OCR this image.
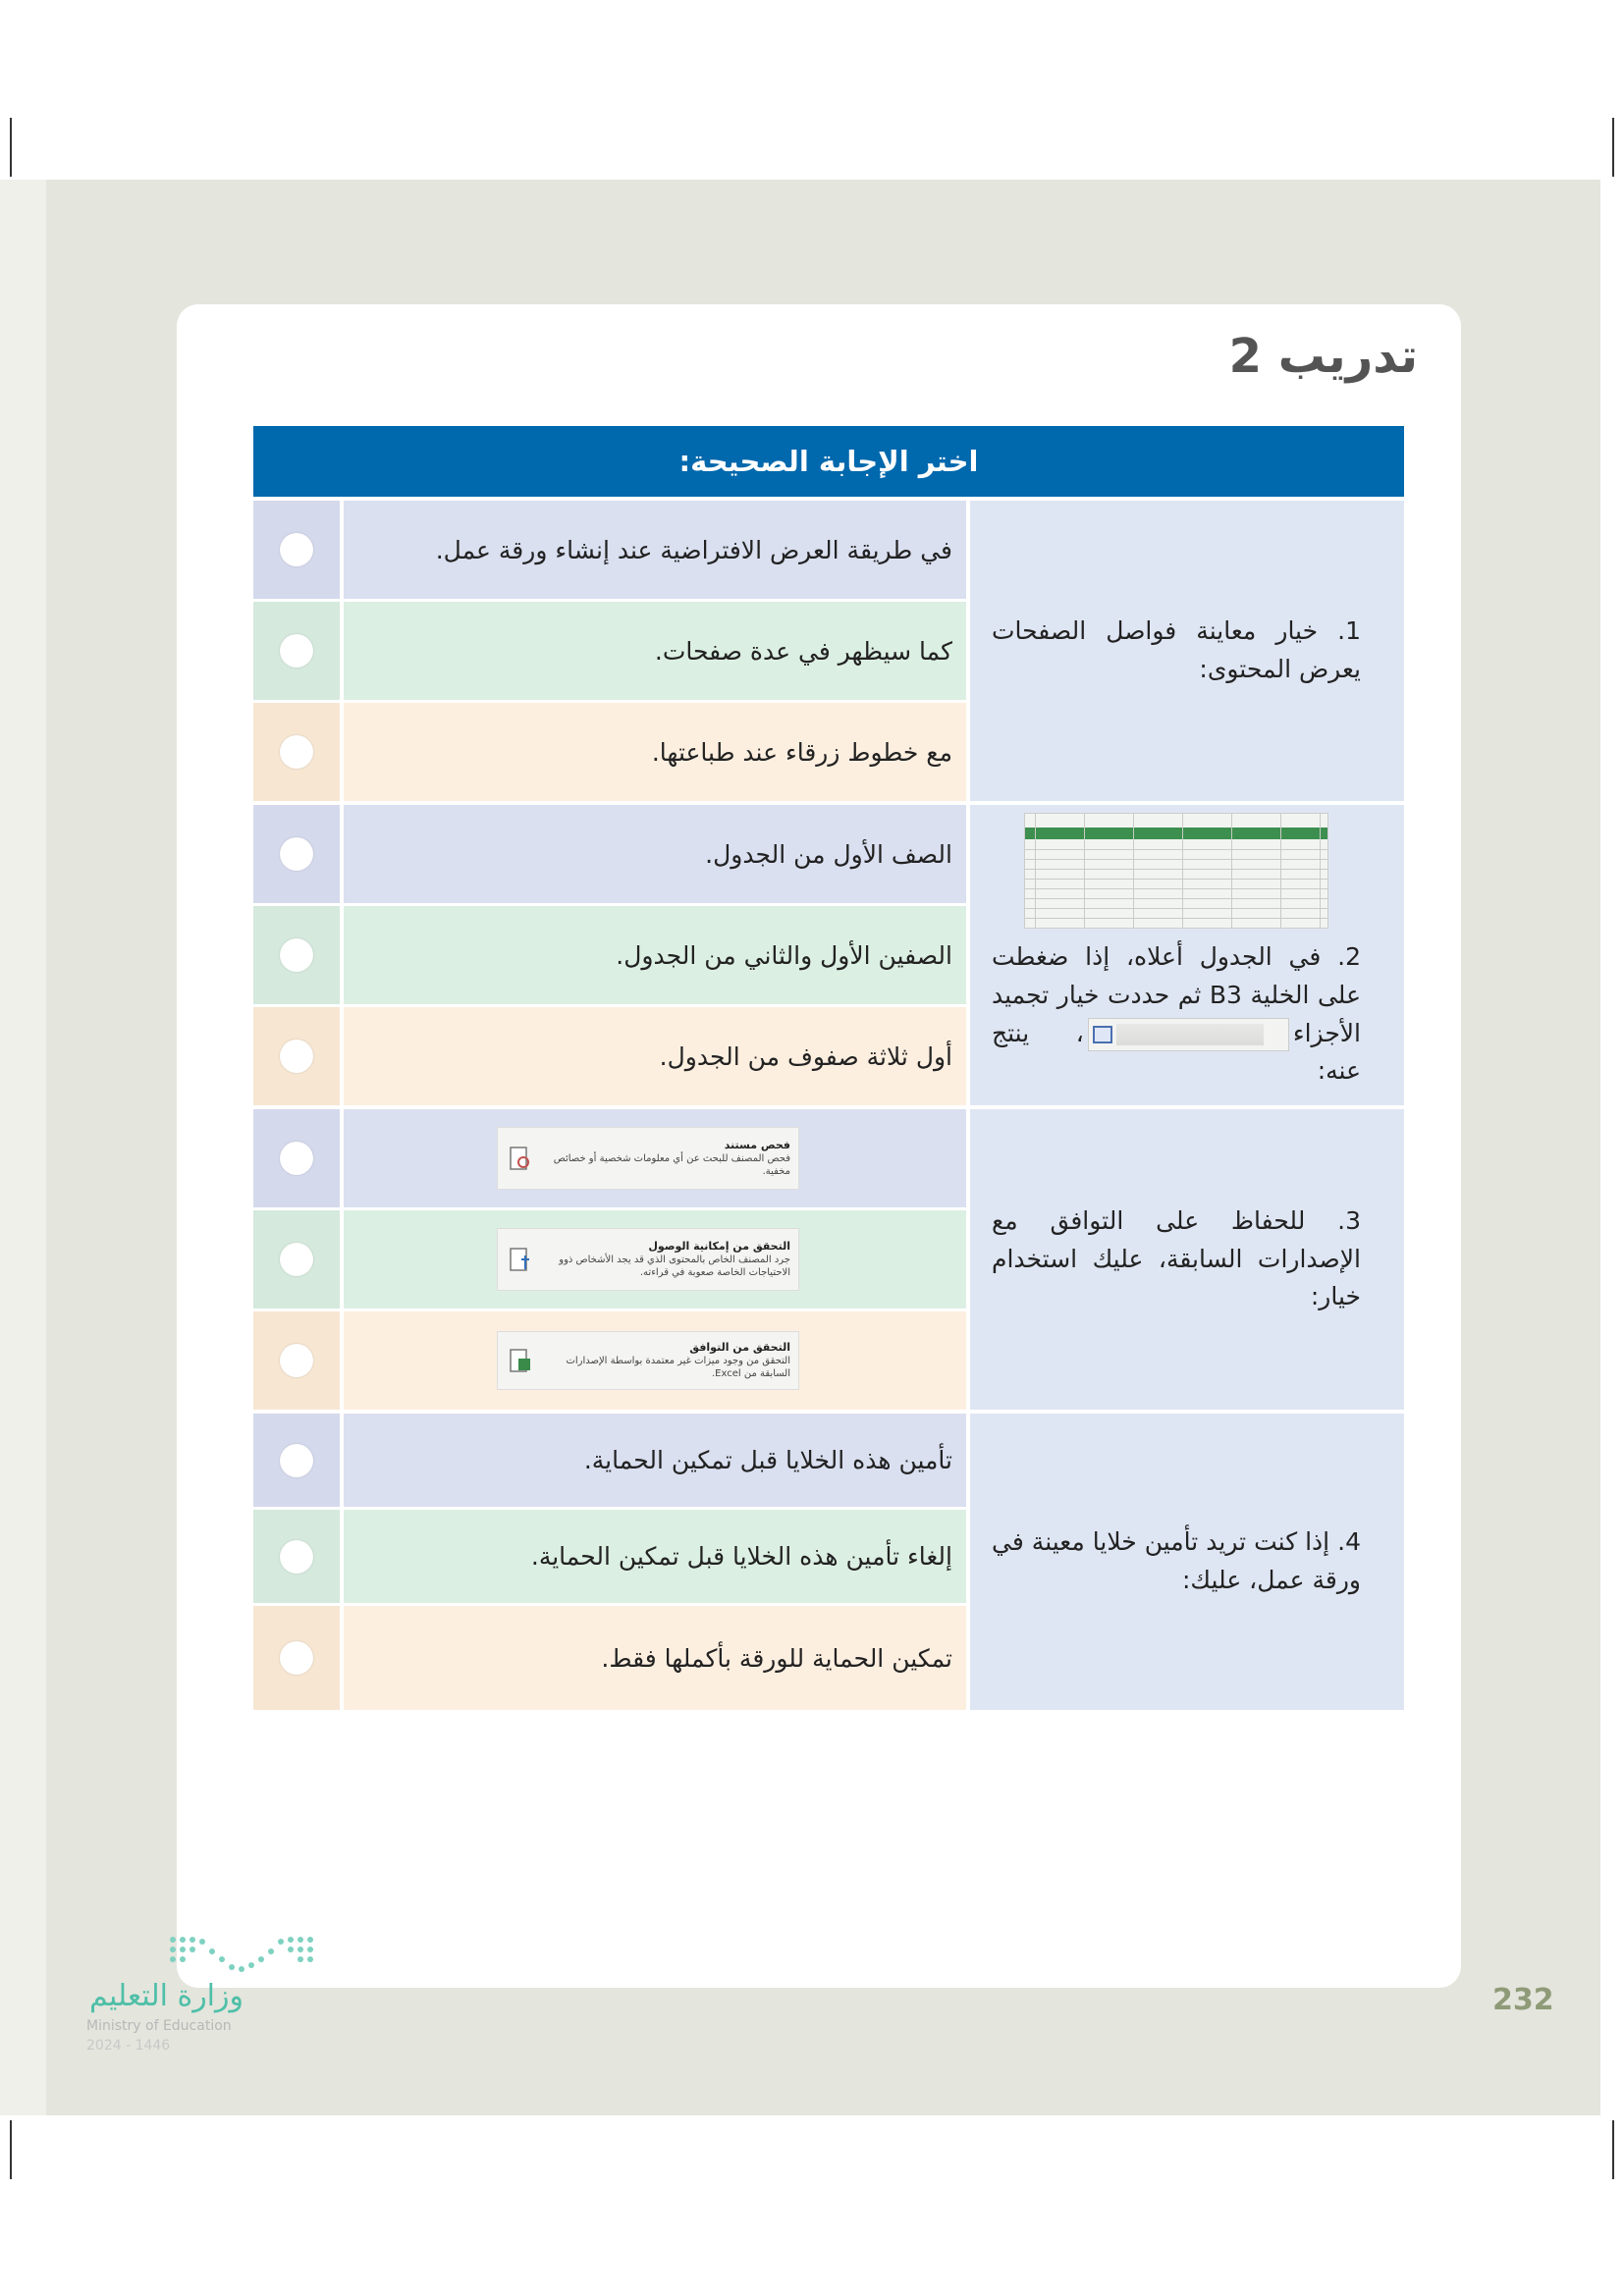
تدريب 2
اختر الإجابة الصحيحة:
في طريقة العرض الافتراضية عند إنشاء ورقة عمل.
كما سيظهر في عدة صفحات.
مع خطوط زرقاء عند طباعتها.
1. خيار معاينة فواصل الصفحات يعرض المحتوى:
الصف الأول من الجدول.
الصفين الأول والثاني من الجدول.
أول ثلاثة صفوف من الجدول.
2. في الجدول أعلاه، إذا ضغطت على الخلية B3 ثم حددت خيار تجميد الأجزاء
، ينتج عنه:
فحص مستند
فحص المصنف للبحث عن أي معلومات شخصية أو خصائص مخفية.
التحقق من إمكانية الوصول
جرد المصنف الخاص بالمحتوى الذي قد يجد الأشخاص ذوو الاحتياجات الخاصة صعوبة في قراءته.
التحقق من التوافق
التحقق من وجود ميزات غير معتمدة بواسطة الإصدارات السابقة من Excel.
3. للحفاظ على التوافق مع الإصدارات السابقة، عليك استخدام خيار:
تأمين هذه الخلايا قبل تمكين الحماية.
إلغاء تأمين هذه الخلايا قبل تمكين الحماية.
تمكين الحماية للورقة بأكملها فقط.
4. إذا كنت تريد تأمين خلايا معينة في ورقة عمل، عليك:
وزارة التعليم
Ministry of Education
2024 - 1446
232
